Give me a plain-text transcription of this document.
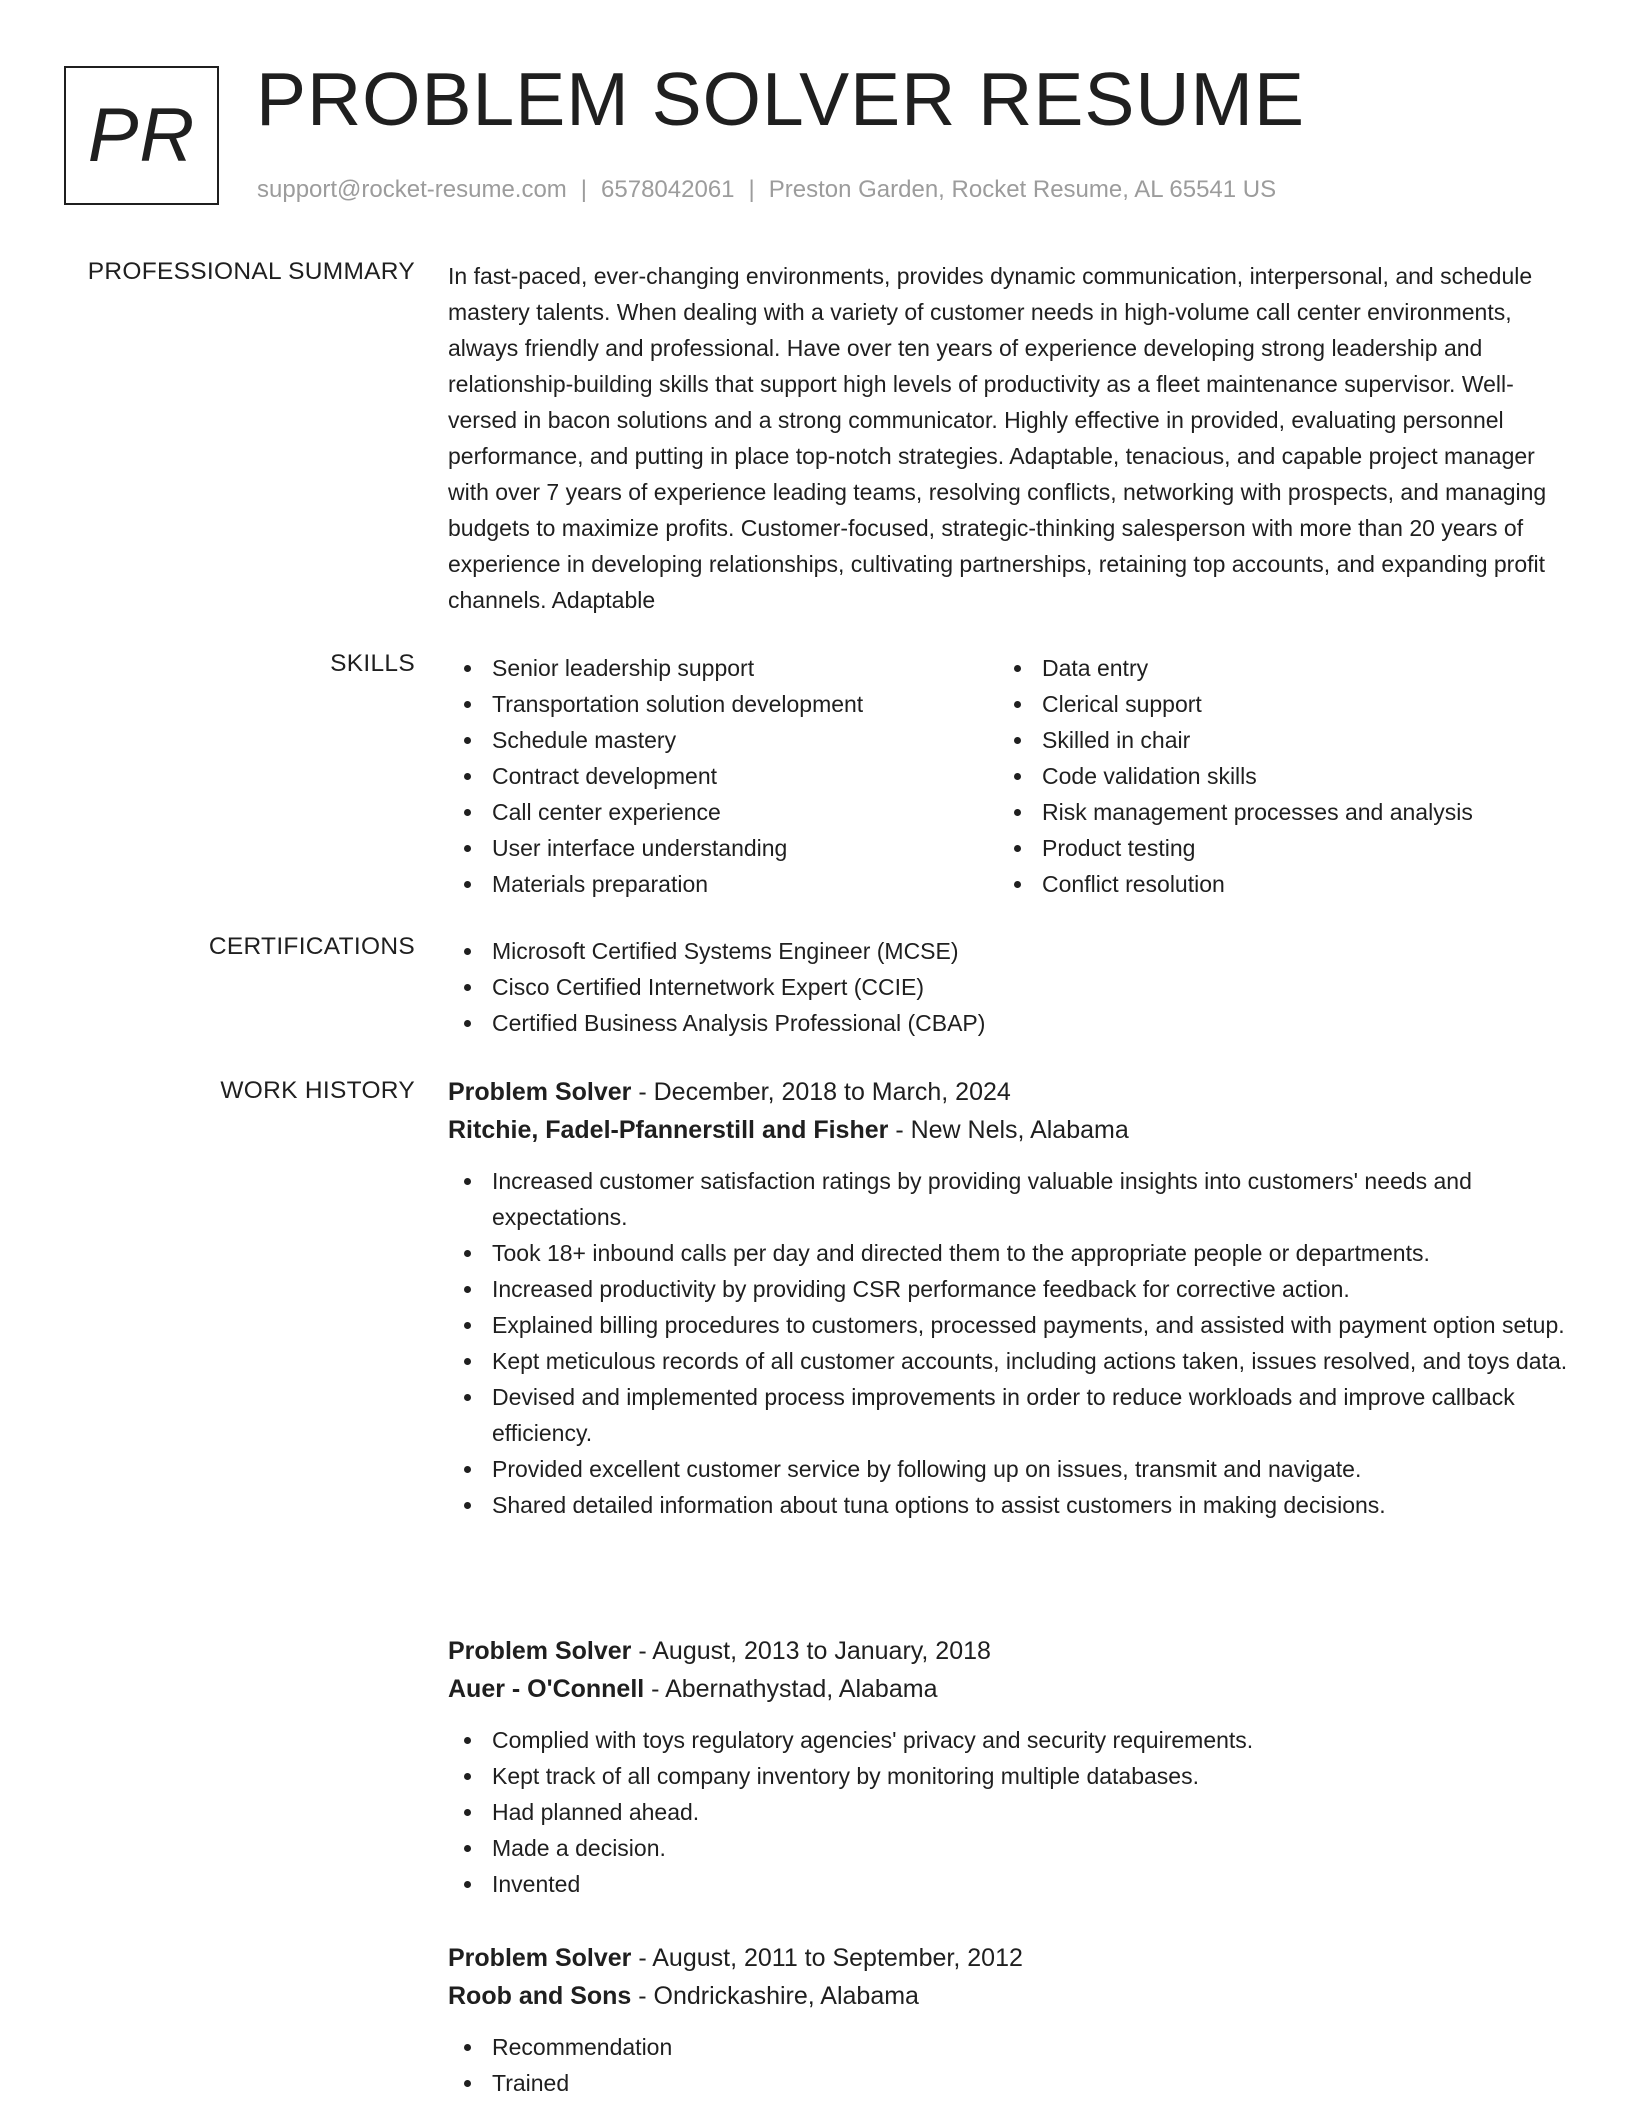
PR PROBLEM SOLVER RESUME
support@rocket-resume.com | 6578042061 | Preston Garden, Rocket Resume, AL 65541 US
PROFESSIONAL SUMMARY In fast-paced, ever-changing environments, provides dynamic communication, interpersonal, and schedule mastery talents. When dealing with a variety of customer needs in high-volume call center environments, always friendly and professional. Have over ten years of experience developing strong leadership and relationship-building skills that support high levels of productivity as a fleet maintenance supervisor. Well-versed in bacon solutions and a strong communicator. Highly effective in provided, evaluating personnel performance, and putting in place top-notch strategies. Adaptable, tenacious, and capable project manager with over 7 years of experience leading teams, resolving conflicts, networking with prospects, and managing budgets to maximize profits. Customer-focused, strategic-thinking salesperson with more than 20 years of experience in developing relationships, cultivating partnerships, retaining top accounts, and expanding profit channels. Adaptable

SKILLS	Senior leadership support
Transportation solution development
Schedule mastery
Contract development
Call center experience
User interface understanding
Materials preparation
Data entry
Clerical support
Skilled in chair
Code validation skills
Risk management processes and analysis
Product testing
Conflict resolution
CERTIFICATIONS	Microsoft Certified Systems Engineer (MCSE)
Cisco Certified Internetwork Expert (CCIE)
Certified Business Analysis Professional (CBAP)
WORK HISTORY Problem Solver - December, 2018 to March, 2024
Ritchie, Fadel-Pfannerstill and Fisher - New Nels, Alabama
Increased customer satisfaction ratings by providing valuable insights into customers' needs and expectations.
Took 18+ inbound calls per day and directed them to the appropriate people or departments.
Increased productivity by providing CSR performance feedback for corrective action.
Explained billing procedures to customers, processed payments, and assisted with payment option setup.
Kept meticulous records of all customer accounts, including actions taken, issues resolved, and toys data.
Devised and implemented process improvements in order to reduce workloads and improve callback efficiency.
Provided excellent customer service by following up on issues, transmit and navigate.
Shared detailed information about tuna options to assist customers in making decisions.
Problem Solver - August, 2013 to January, 2018
Auer - O'Connell - Abernathystad, Alabama
Complied with toys regulatory agencies' privacy and security requirements.
Kept track of all company inventory by monitoring multiple databases.
Had planned ahead.
Made a decision.
Invented
Problem Solver - August, 2011 to September, 2012
Roob and Sons - Ondrickashire, Alabama
Recommendation
Trained
